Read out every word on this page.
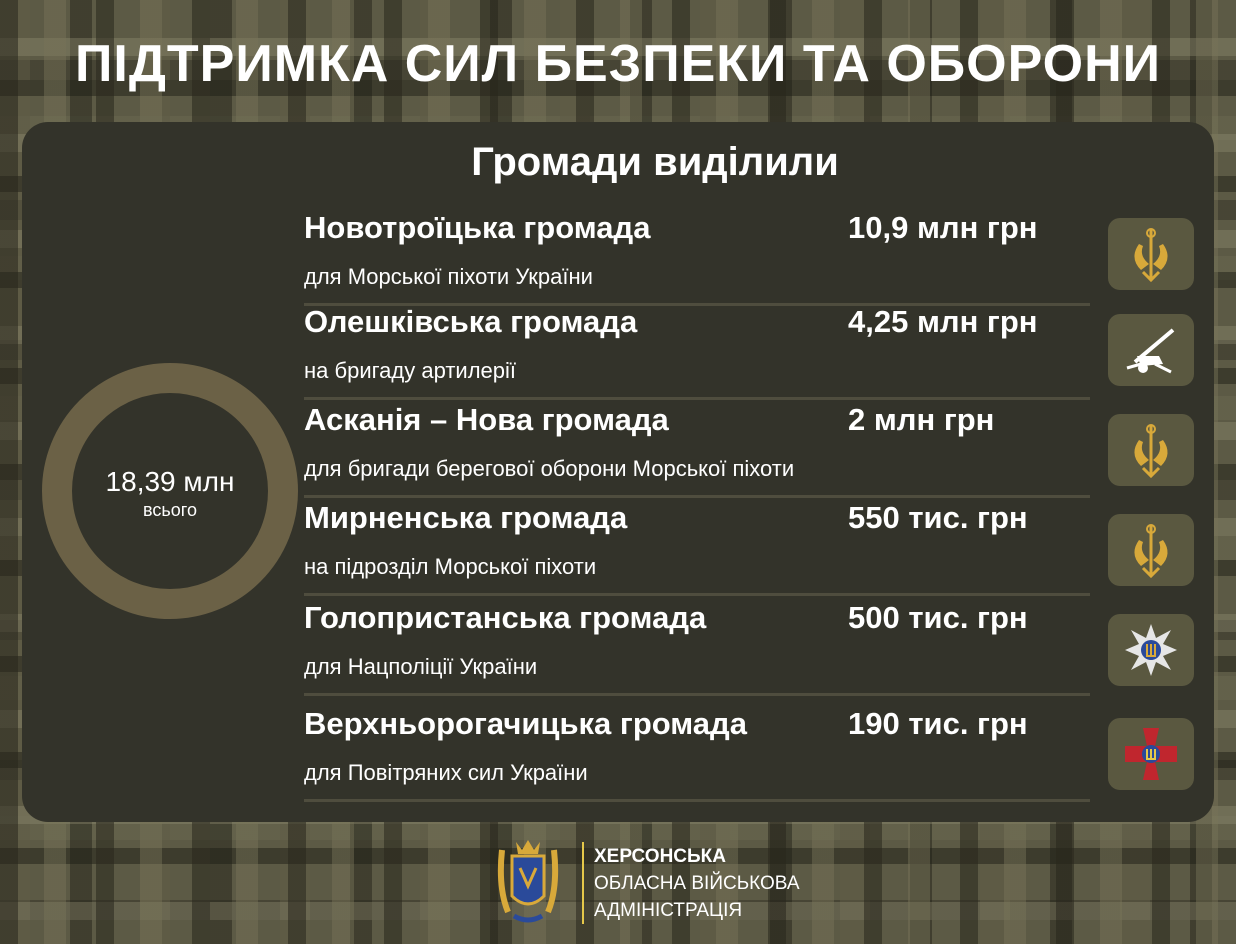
ПІДТРИМКА СИЛ БЕЗПЕКИ ТА ОБОРОНИ
Громади виділили
18,39 млн
всього
Новотроїцька громада
для Морської піхоти України
10,9 млн грн
Олешківська громада
на бригаду артилерії
4,25 млн грн
Асканія – Нова громада
для бригади берегової оборони Морської піхоти
2 млн грн
Мирненська громада
на підрозділ Морської піхоти
550 тис. грн
Голопристанська громада
для Нацполіції України
500 тис. грн
Верхньорогачицька громада
для Повітряних сил України
190 тис. грн
ХЕРСОНСЬКА
ОБЛАСНА ВІЙСЬКОВА
АДМІНІСТРАЦІЯ
